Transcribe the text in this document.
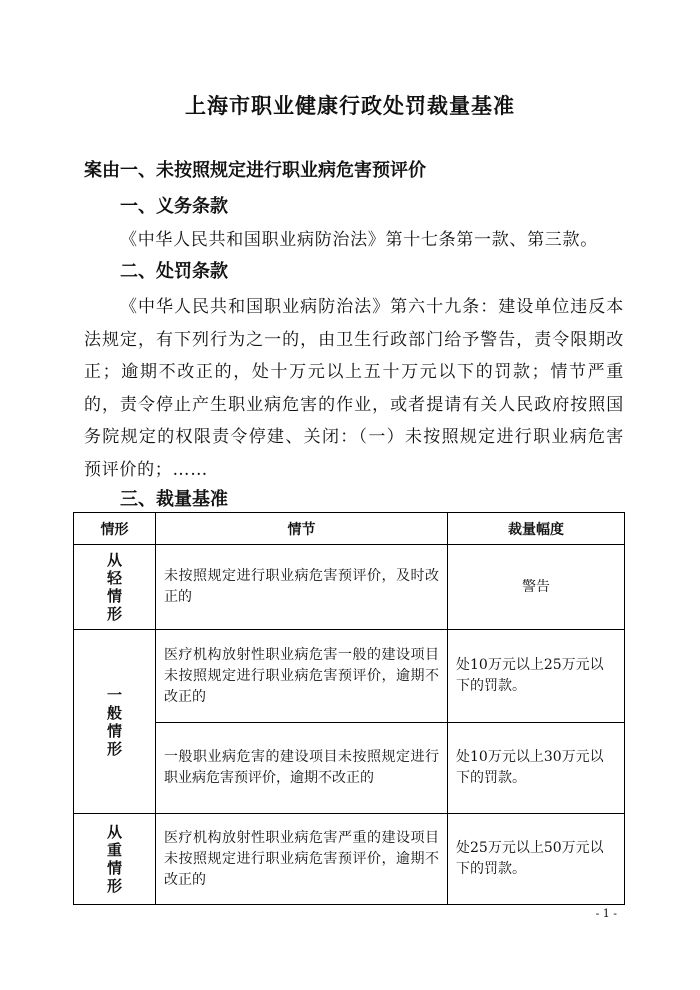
上海市职业健康行政处罚裁量基准
案由一、未按照规定进行职业病危害预评价
一、义务条款
《中华人民共和国职业病防治法》第十七条第一款、第三款。
二、处罚条款
《中华人民共和国职业病防治法》第六十九条：建设单位违反本法规定，有下列行为之一的，由卫生行政部门给予警告，责令限期改正；逾期不改正的，处十万元以上五十万元以下的罚款；情节严重的，责令停止产生职业病危害的作业，或者提请有关人民政府按照国务院规定的权限责令停建、关闭：（一）未按照规定进行职业病危害预评价的；……
三、裁量基准
情形	情节	裁量幅度
从轻情形	未按照规定进行职业病危害预评价，及时改正的	警告
一般情形	医疗机构放射性职业病危害一般的建设项目未按照规定进行职业病危害预评价，逾期不改正的	处10万元以上25万元以下的罚款。
	一般职业病危害的建设项目未按照规定进行职业病危害预评价，逾期不改正的	处10万元以上30万元以下的罚款。
从重情形	医疗机构放射性职业病危害严重的建设项目未按照规定进行职业病危害预评价，逾期不改正的	处25万元以上50万元以下的罚款。
- 1 -
